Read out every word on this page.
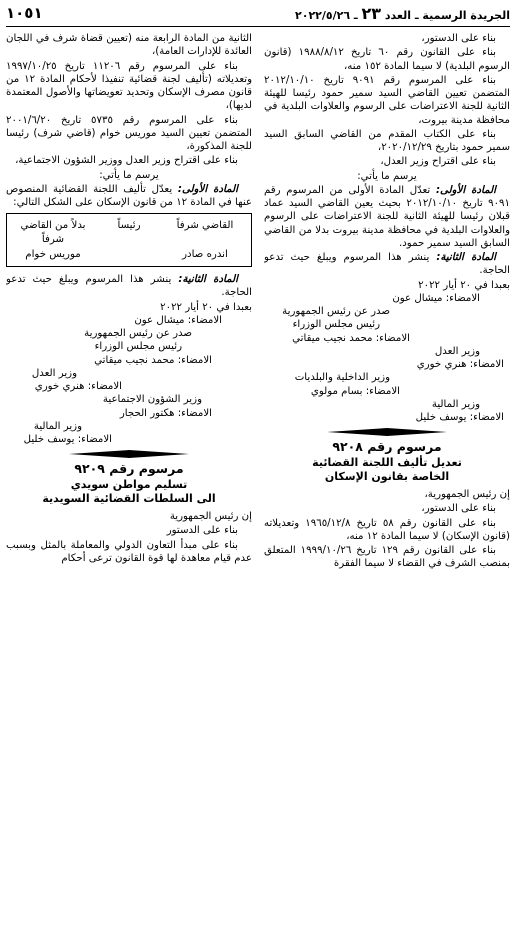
الجريدة الرسمية ـ العدد ٢٣ ـ ٢٠٢٢/٥/٢٦
١٠٥١

بناء على الدستور،

بناء على القانون رقم ٦٠ تاريخ ١٩٨٨/٨/١٢ (قانون الرسوم البلدية) لا سيما المادة ١٥٢ منه،

بناء على المرسوم رقم ٩٠٩١ تاريخ ٢٠١٢/١٠/١٠ المتضمن تعيين القاضي السيد سمير حمود رئيسا للهيئة الثانية للجنة الاعتراضات على الرسوم والعلاوات البلدية في محافظة مدينة بيروت،

بناء على الكتاب المقدم من القاضي السابق السيد سمير حمود بتاريخ ٢٠٢٠/١٢/٢٩،

بناء على اقتراح وزير العدل،

يرسم ما يأتي:

المادة الأولى: تعدّل المادة الأولى من المرسوم رقم ٩٠٩١ تاريخ ٢٠١٢/١٠/١٠ بحيث يعين القاضي السيد عماد قبلان رئيسا للهيئة الثانية للجنة الاعتراضات على الرسوم والعلاوات البلدية في محافظة مدينة بيروت بدلا من القاضي السابق السيد سمير حمود.

المادة الثانية: ينشر هذا المرسوم ويبلغ حيث تدعو الحاجة.

بعبدا في ٢٠ أيار ٢٠٢٢
الامضاء: ميشال عون
صدر عن رئيس الجمهورية
رئيس مجلس الوزراء
الامضاء: محمد نجيب ميقاتي
وزير العدل
الامضاء: هنري خوري
وزير الداخلية والبلديات
الامضاء: بسام مولوي
وزير المالية
الامضاء: يوسف خليل
مرسوم رقم ٩٢٠٨
تعديل تأليف اللجنة القضائية
الخاصة بقانون الإسكان

إن رئيس الجمهورية،

بناء على الدستور،

بناء على القانون رقم ٥٨ تاريخ ١٩٦٥/١٢/٨ وتعديلاته (قانون الإسكان) لا سيما المادة ١٢ منه،

بناء على القانون رقم ١٢٩ تاريخ ١٩٩٩/١٠/٢٦ المتعلق بمنصب الشرف في القضاء لا سيما الفقرة

الثانية من المادة الرابعة منه (تعيين قضاة شرف في اللجان العائدة للإدارات العامة)،

بناء على المرسوم رقم ١١٢٠٦ تاريخ ١٩٩٧/١٠/٢٥ وتعديلاته (تأليف لجنة قضائية تنفيذا لأحكام المادة ١٢ من قانون مصرف الإسكان وتحديد تعويضاتها والأصول المعتمدة لديها)،

بناء على المرسوم رقم ٥٧٣٥ تاريخ ٢٠٠١/٦/٢٠ المتضمن تعيين السيد موريس خوام (قاضي شرف) رئيسا للجنة المذكورة،

بناء على اقتراح وزير العدل ووزير الشؤون الاجتماعية،

يرسم ما يأتي:

المادة الأولى: يعدّل تأليف اللجنة القضائية المنصوص عنها في المادة ١٢ من قانون الإسكان على الشكل التالي:

القاضي شرفاً
رئيساً
بدلاً من القاضي شرفاً
اندره صادر
موريس خوام

المادة الثانية: ينشر هذا المرسوم ويبلغ حيث تدعو الحاجة.

بعبدا في ٢٠ أيار ٢٠٢٢
الامضاء: ميشال عون
صدر عن رئيس الجمهورية
رئيس مجلس الوزراء
الامضاء: محمد نجيب ميقاتي
وزير العدل
الامضاء: هنري خوري
وزير الشؤون الاجتماعية
الامضاء: هكتور الحجار
وزير المالية
الامضاء: يوسف خليل
مرسوم رقم ٩٢٠٩
تسليم مواطن سويدي
الى السلطات القضائية السويدية

إن رئيس الجمهورية

بناء على الدستور

بناء على مبدأ التعاون الدولي والمعاملة بالمثل وبسبب عدم قيام معاهدة لها قوة القانون ترعى أحكام
